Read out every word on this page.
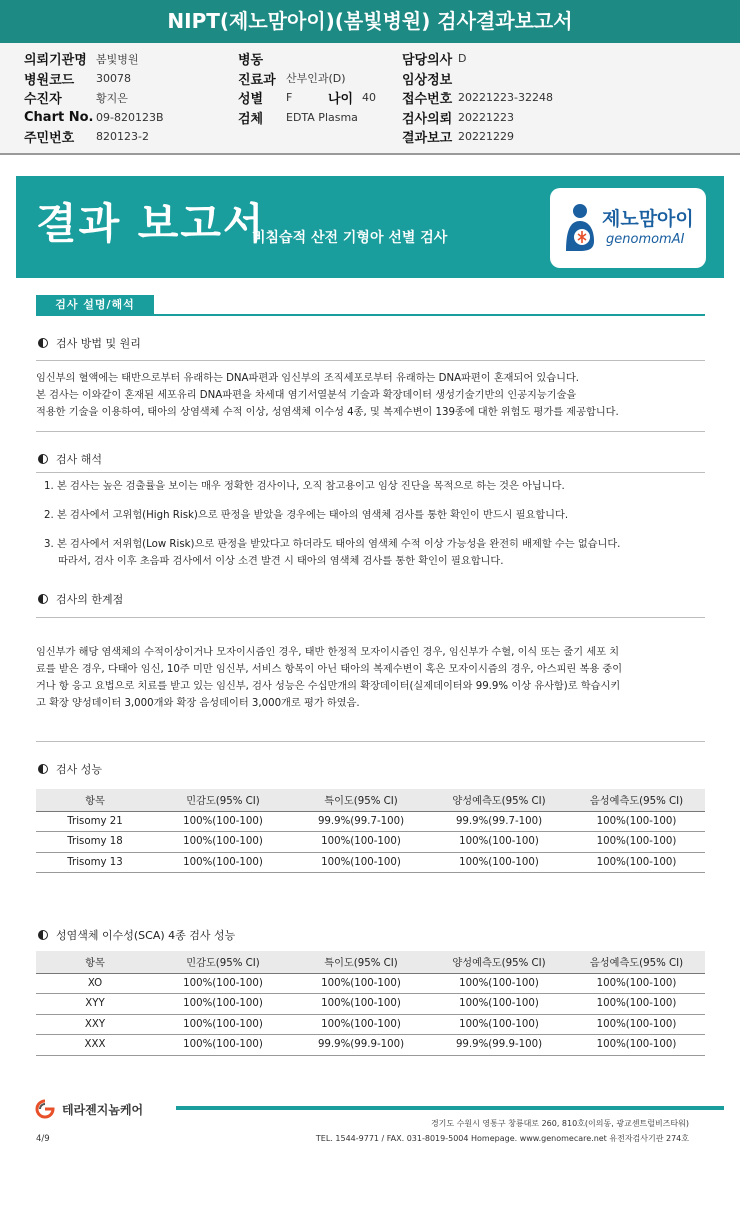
NIPT(제노맘아이)(봄빛병원) 검사결과보고서
의뢰기관명 봄빛병원
병원코드	30078
수진자	황지은
Chart No. 09-820123B
주민번호	820123-2
병동
진료과 산부인과(D)
성별	F	나이 40
검체	EDTA Plasma
담당의사 D
임상정보
접수번호 20221223-32248
검사의뢰 20221223
결과보고 20221229
결과 보고서
비침습적 산전 기형아 선별 검사
제노맘아이
genomomAI
검사 설명/해석
검사 방법 및 원리
임신부의 혈액에는 태반으로부터 유래하는 DNA파편과 임신부의 조직세포로부터 유래하는 DNA파편이 혼재되어 있습니다.
본 검사는 이와같이 혼재된 세포유리 DNA파편을 차세대 염기서열분석 기술과 확장데이터 생성기술기반의 인공지능기술을
적용한 기술을 이용하여, 태아의 상염색체 수적 이상, 성염색체 이수성 4종, 및 복제수변이 139종에 대한 위험도 평가를 제공합니다.
검사 해석
1. 본 검사는 높은 검출률을 보이는 매우 정확한 검사이나, 오직 참고용이고 임상 진단을 목적으로 하는 것은 아닙니다.
2. 본 검사에서 고위험(High Risk)으로 판정을 받았을 경우에는 태아의 염색체 검사를 통한 확인이 반드시 필요합니다.
3. 본 검사에서 저위험(Low Risk)으로 판정을 받았다고 하더라도 태아의 염색체 수적 이상 가능성을 완전히 배제할 수는 없습니다.
따라서, 검사 이후 초음파 검사에서 이상 소견 발견 시 태아의 염색체 검사를 통한 확인이 필요합니다.
검사의 한계점
임신부가 해당 염색체의 수적이상이거나 모자이시즘인 경우, 태반 한정적 모자이시즘인 경우, 임신부가 수혈, 이식 또는 줄기 세포 치
료를 받은 경우, 다태아 임신, 10주 미만 임신부, 서비스 항목이 아닌 태아의 복제수변이 혹은 모자이시즘의 경우, 아스피린 복용 중이
거나 항 응고 요법으로 치료를 받고 있는 임신부, 검사 성능은 수십만개의 확장데이터(실제데이터와 99.9% 이상 유사함)로 학습시키
고 확장 양성데이터 3,000개와 확장 음성데이터 3,000개로 평가 하였음.
검사 성능
항목	민감도(95% CI)	특이도(95% CI)	양성예측도(95% CI)	음성예측도(95% CI)
Trisomy 21	100%(100-100)	99.9%(99.7-100)	99.9%(99.7-100)	100%(100-100)
Trisomy 18	100%(100-100)	100%(100-100)	100%(100-100)	100%(100-100)
Trisomy 13	100%(100-100)	100%(100-100)	100%(100-100)	100%(100-100)
성염색체 이수성(SCA) 4종 검사 성능
항목	민감도(95% CI)	특이도(95% CI)	양성예측도(95% CI)	음성예측도(95% CI)
XO	100%(100-100)	100%(100-100)	100%(100-100)	100%(100-100)
XYY	100%(100-100)	100%(100-100)	100%(100-100)	100%(100-100)
XXY	100%(100-100)	100%(100-100)	100%(100-100)	100%(100-100)
XXX	100%(100-100)	99.9%(99.9-100)	99.9%(99.9-100)	100%(100-100)
테라젠지놈케어
경기도 수원시 영통구 창룡대로 260, 810호(이의동, 광교센트럴비즈타워)
TEL. 1544-9771 / FAX. 031-8019-5004 Homepage. www.genomecare.net 유전자검사기관 274호
4/9
